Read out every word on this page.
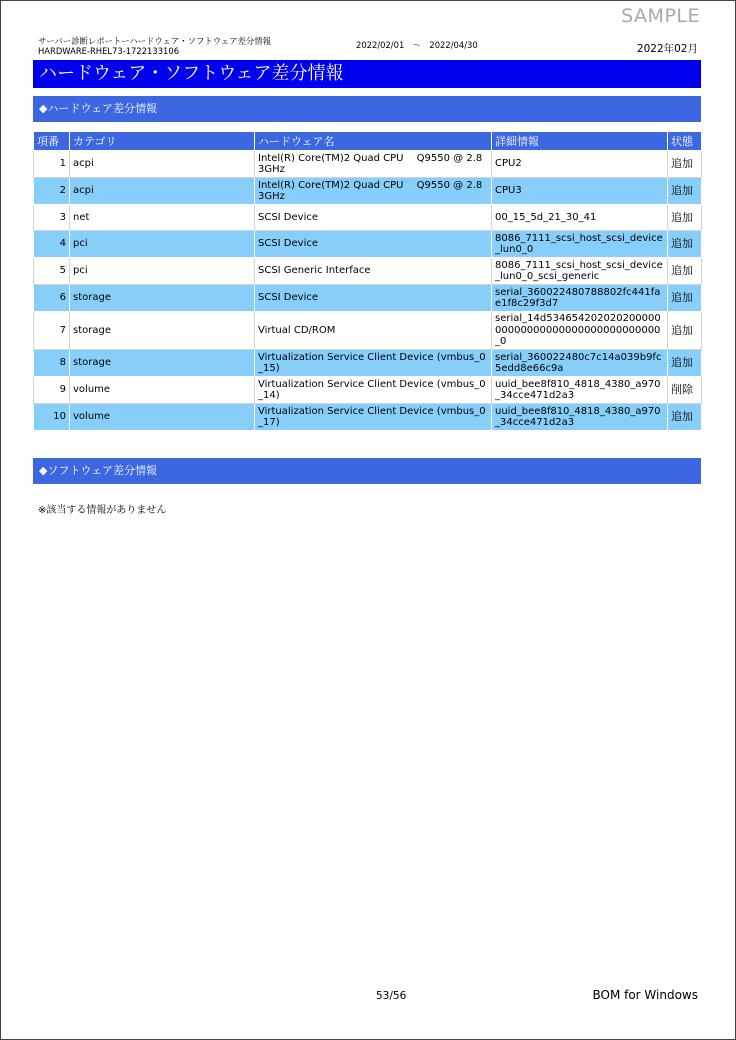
SAMPLE
サーバー診断レポートーハードウェア・ソフトウェア差分情報
HARDWARE-RHEL73-1722133106
2022/02/01　～　2022/04/30	2022年02月
ハードウェア・ソフトウェア差分情報
◆ハードウェア差分情報
項番	カテゴリ	ハードウェア名	詳細情報	状態
1	acpi	Intel(R) Core(TM)2 Quad CPU　 Q9550 @ 2.83GHz	CPU2	追加
2	acpi	Intel(R) Core(TM)2 Quad CPU　 Q9550 @ 2.83GHz	CPU3	追加
3	net	SCSI Device	00_15_5d_21_30_41	追加
4	pci	SCSI Device	8086_7111_scsi_host_scsi_device_lun0_0	追加
5	pci	SCSI Generic Interface	8086_7111_scsi_host_scsi_device_lun0_0_scsi_generic	追加
6	storage	SCSI Device	serial_360022480788802fc441fae1f8c29f3d7	追加
7	storage	Virtual CD/ROM	serial_14d53465420202020000000000000000000000000000000_0	追加
8	storage	Virtualization Service Client Device (vmbus_0_15)	serial_360022480c7c14a039b9fc5edd8e66c9a	追加
9	volume	Virtualization Service Client Device (vmbus_0_14)	uuid_bee8f810_4818_4380_a970_34cce471d2a3	削除
10	volume	Virtualization Service Client Device (vmbus_0_17)	uuid_bee8f810_4818_4380_a970_34cce471d2a3	追加
◆ソフトウェア差分情報
※該当する情報がありません
53/56	BOM for Windows
